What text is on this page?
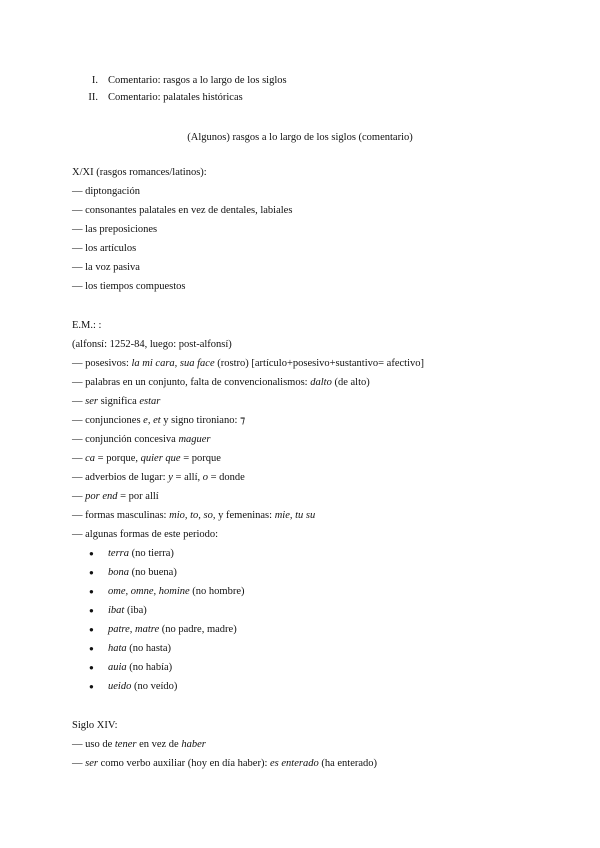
I. Comentario: rasgos a lo largo de los siglos
II. Comentario: palatales históricas
(Algunos) rasgos a lo largo de los siglos (comentario)
X/XI (rasgos romances/latinos):
— diptongación
— consonantes palatales en vez de dentales, labiales
— las preposiciones
— los artículos
— la voz pasiva
— los tiempos compuestos
E.M.: :
(alfonsí: 1252-84, luego: post-alfonsí)
— posesivos: la mi cara, sua face (rostro) [artículo+posesivo+sustantivo= afectivo]
— palabras en un conjunto, falta de convencionalismos: dalto (de alto)
— ser significa estar
— conjunciones e, et y signo tironiano: ⁊
— conjunción concesiva maguer
— ca = porque, quier que = porque
— adverbios de lugar: y = allí, o = donde
— por end = por allí
— formas masculinas: mio, to, so, y femeninas: mie, tu su
— algunas formas de este periodo:
● terra (no tierra)
● bona (no buena)
● ome, omne, homine (no hombre)
● ibat (iba)
● patre, matre (no padre, madre)
● hata (no hasta)
● auia (no había)
● ueido (no veído)
Siglo XIV:
— uso de tener en vez de haber
— ser como verbo auxiliar (hoy en día haber): es enterado (ha enterado)
